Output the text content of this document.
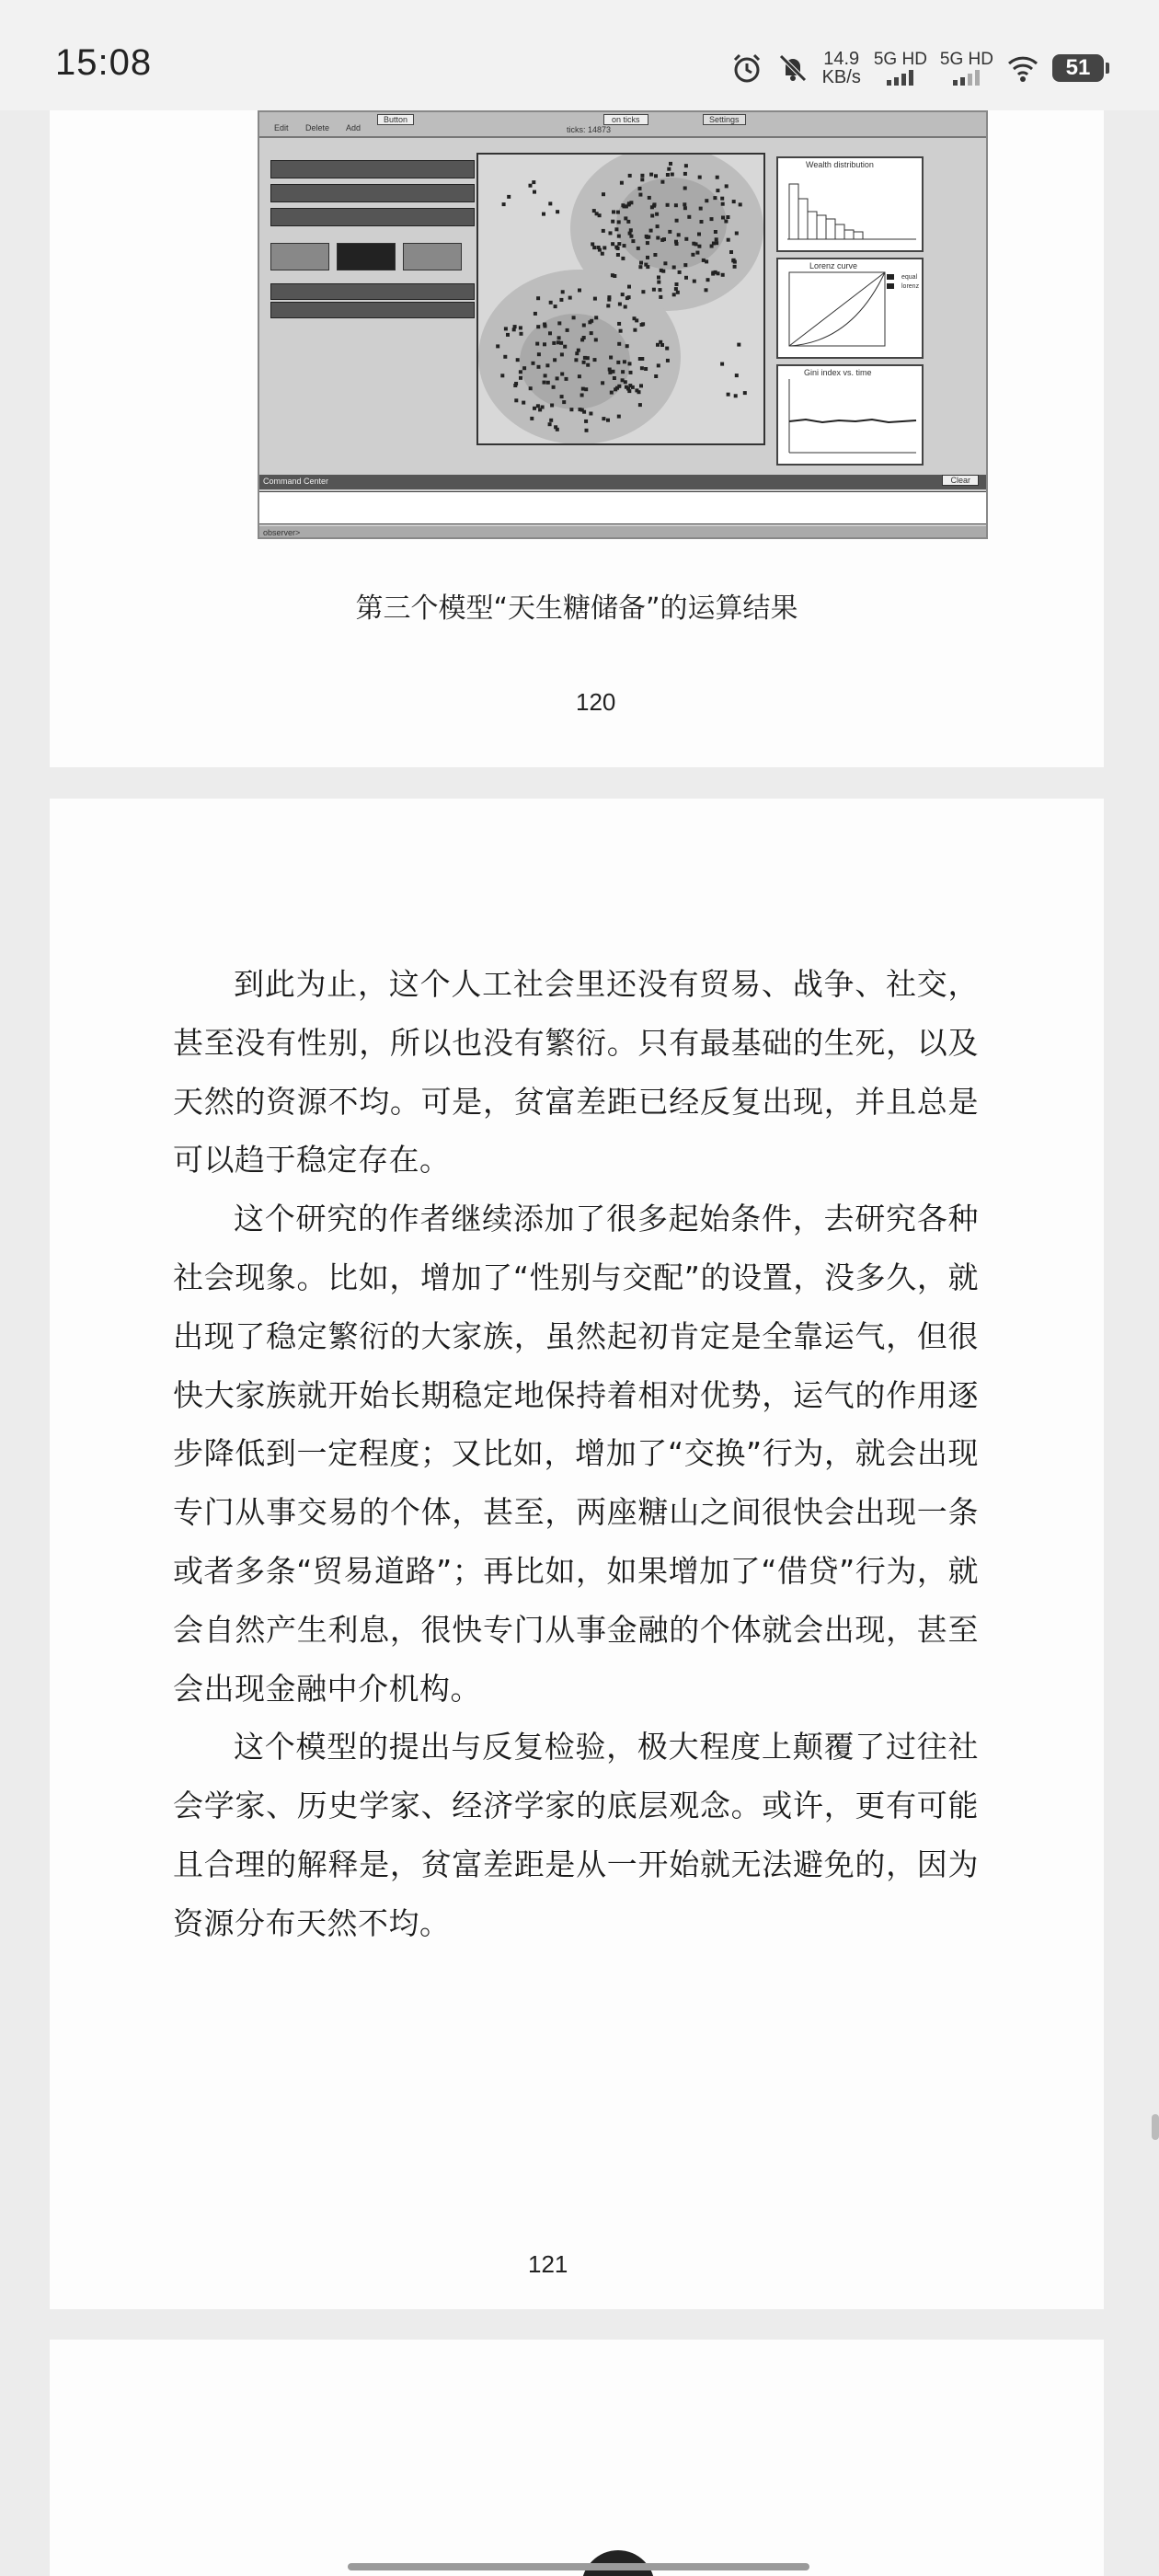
15:08	14.9
KB/s
5G HD 5G HD	51
Edit Delete Add
Button
ticks: 14873
on ticks	Settings
Wealth distribution
Lorenz curve
equal
lorenz
Gini index vs. time
Command Center	Clear
observer>
第三个模型“天生糖储备”的运算结果
120

到此为止，这个人工社会里还没有贸易、战争、社交，甚至没有性别，所以也没有繁衍。只有最基础的生死，以及天然的资源不均。可是，贫富差距已经反复出现，并且总是可以趋于稳定存在。

这个研究的作者继续添加了很多起始条件，去研究各种社会现象。比如，增加了“性别与交配”的设置，没多久，就出现了稳定繁衍的大家族，虽然起初肯定是全靠运气，但很快大家族就开始长期稳定地保持着相对优势，运气的作用逐步降低到一定程度；又比如，增加了“交换”行为，就会出现专门从事交易的个体，甚至，两座糖山之间很快会出现一条或者多条“贸易道路”；再比如，如果增加了“借贷”行为，就会自然产生利息，很快专门从事金融的个体就会出现，甚至会出现金融中介机构。

这个模型的提出与反复检验，极大程度上颠覆了过往社会学家、历史学家、经济学家的底层观念。或许，更有可能且合理的解释是，贫富差距是从一开始就无法避免的，因为资源分布天然不均。

121
